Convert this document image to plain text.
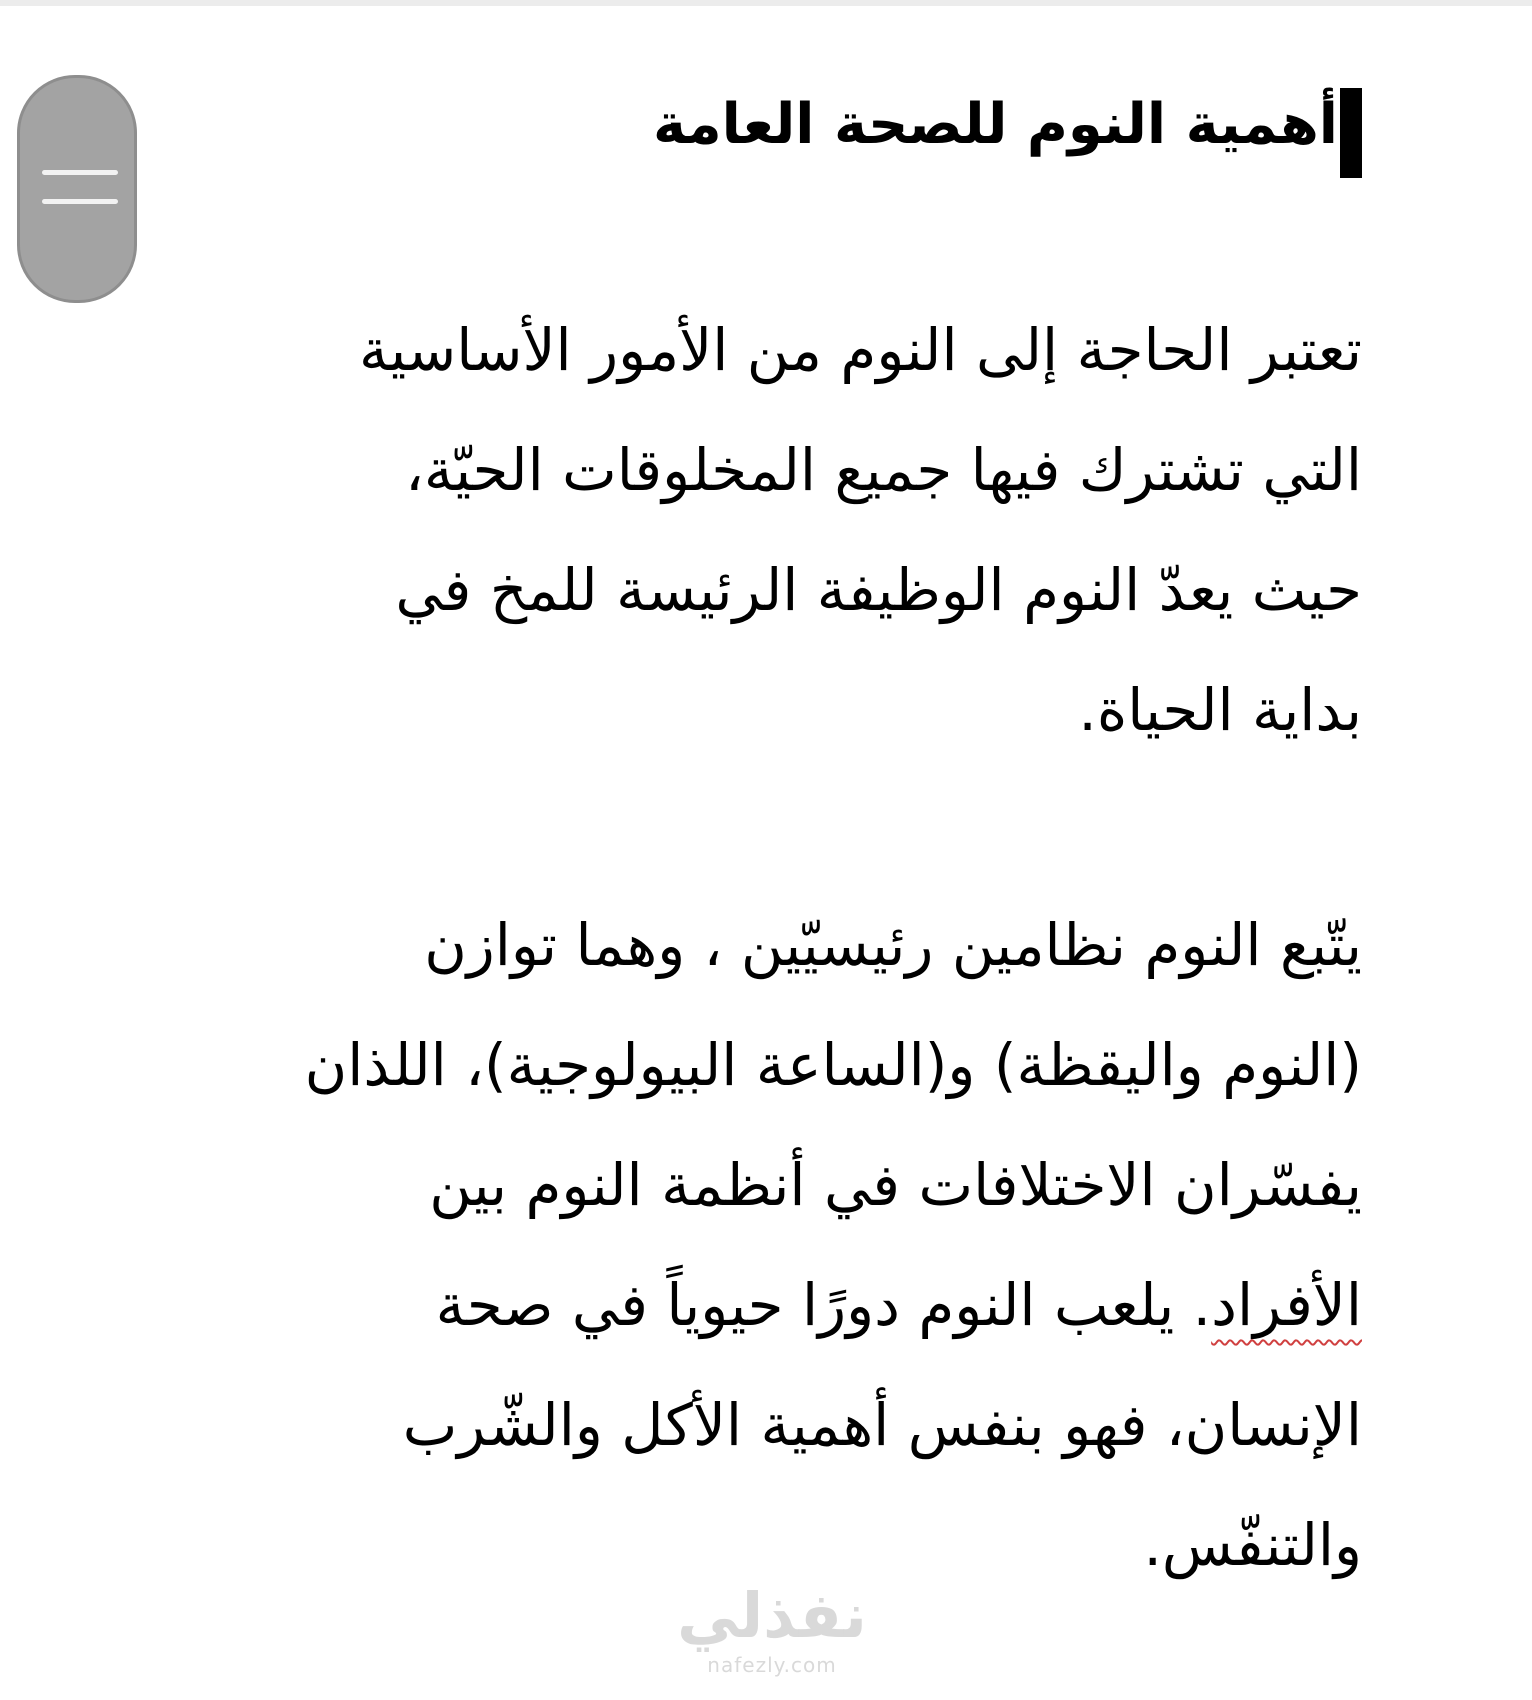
أهمية النوم للصحة العامة

تعتبر الحاجة إلى النوم من الأمور الأساسية
التي تشترك فيها جميع المخلوقات الحيّة،
حيث يعدّ النوم الوظيفة الرئيسة للمخ في
بداية الحياة.

يتّبع النوم نظامين رئيسيّين ، وهما توازن
(النوم واليقظة) و(الساعة البيولوجية)، اللذان
يفسّران الاختلافات في أنظمة النوم بين
الأفراد. يلعب النوم دورًا حيوياً في صحة
الإنسان، فهو بنفس أهمية الأكل والشّرب
والتنفّس.

نفذلي
nafezly.com
